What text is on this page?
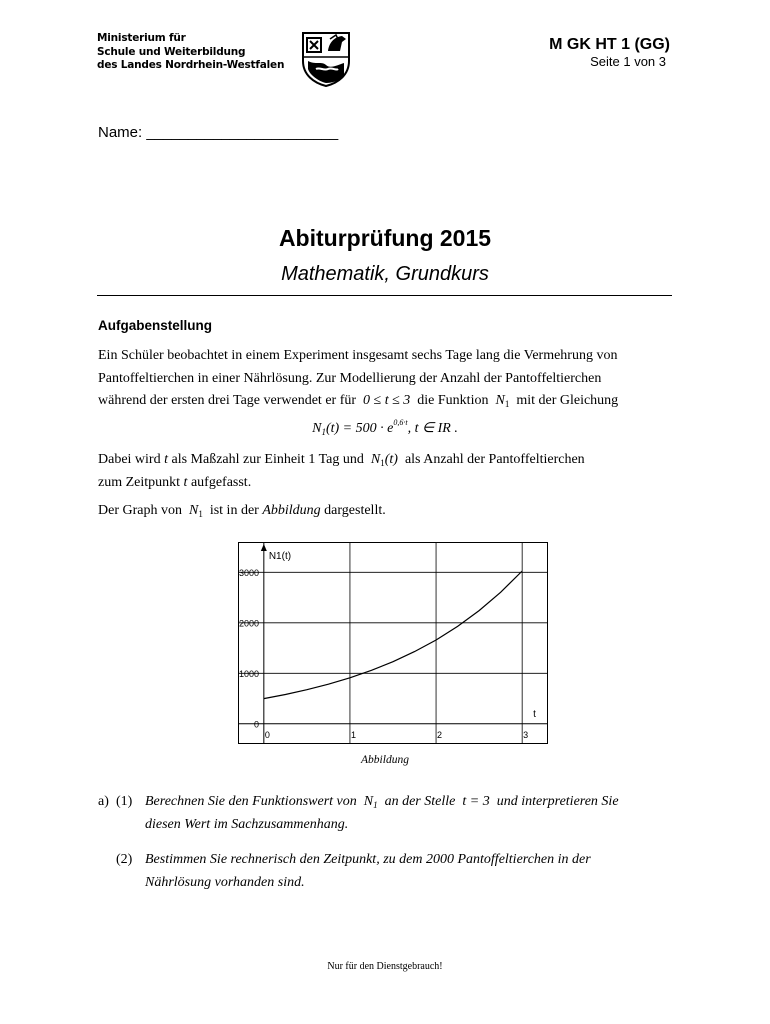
Ministerium für
Schule und Weiterbildung
des Landes Nordrhein-Westfalen
M GK HT 1 (GG)
Seite 1 von 3
Name: _______________________
Abiturprüfung 2015
Mathematik, Grundkurs
Aufgabenstellung
Ein Schüler beobachtet in einem Experiment insgesamt sechs Tage lang die Vermehrung von
Pantoffeltierchen in einer Nährlösung. Zur Modellierung der Anzahl der Pantoffeltierchen
während der ersten drei Tage verwendet er für 0 ≤ t ≤ 3 die Funktion $N_1$ mit der Gleichung
$N_1(t) = 500 \cdot e^{0,6\cdot t}$, t ∈ IR .
Dabei wird t als Maßzahl zur Einheit 1 Tag und $N_1(t)$ als Anzahl der Pantoffeltierchen
zum Zeitpunkt t aufgefasst.
Der Graph von $N_1$ ist in der Abbildung dargestellt.
0	1	2	3
0
1000
2000
3000
N1(t)
t
Abbildung
a) (1) Berechnen Sie den Funktionswert von $N_1$ an der Stelle t = 3 und interpretieren Sie
diesen Wert im Sachzusammenhang.
(2) Bestimmen Sie rechnerisch den Zeitpunkt, zu dem 2000 Pantoffeltierchen in der
Nährlösung vorhanden sind.
Nur für den Dienstgebrauch!
